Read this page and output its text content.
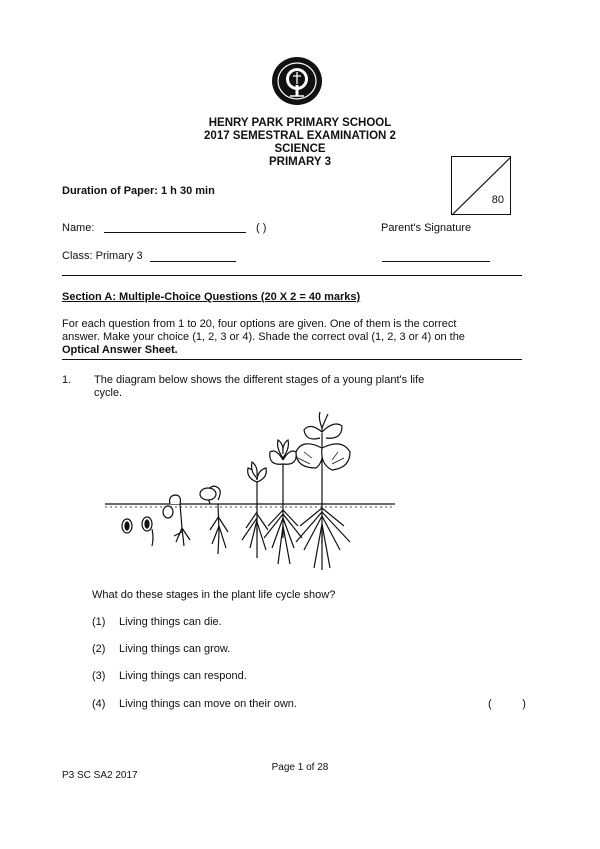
HENRY PARK PRIMARY SCHOOL
2017 SEMESTRAL EXAMINATION 2
SCIENCE
PRIMARY 3
80
Duration of Paper: 1 h 30 min
Name:	( )	Parent's Signature
Class: Primary 3
Section A: Multiple-Choice Questions (20 X 2 = 40 marks)
For each question from 1 to 20, four options are given. One of them is the correct
answer. Make your choice (1, 2, 3 or 4). Shade the correct oval (1, 2, 3 or 4) on the
Optical Answer Sheet.
1. The diagram below shows the different stages of a young plant's life
cycle.
What do these stages in the plant life cycle show?
(1) Living things can die.
(2) Living things can grow.
(3) Living things can respond.
(4) Living things can move on their own.	(          )
Page 1 of 28
P3 SC SA2 2017
